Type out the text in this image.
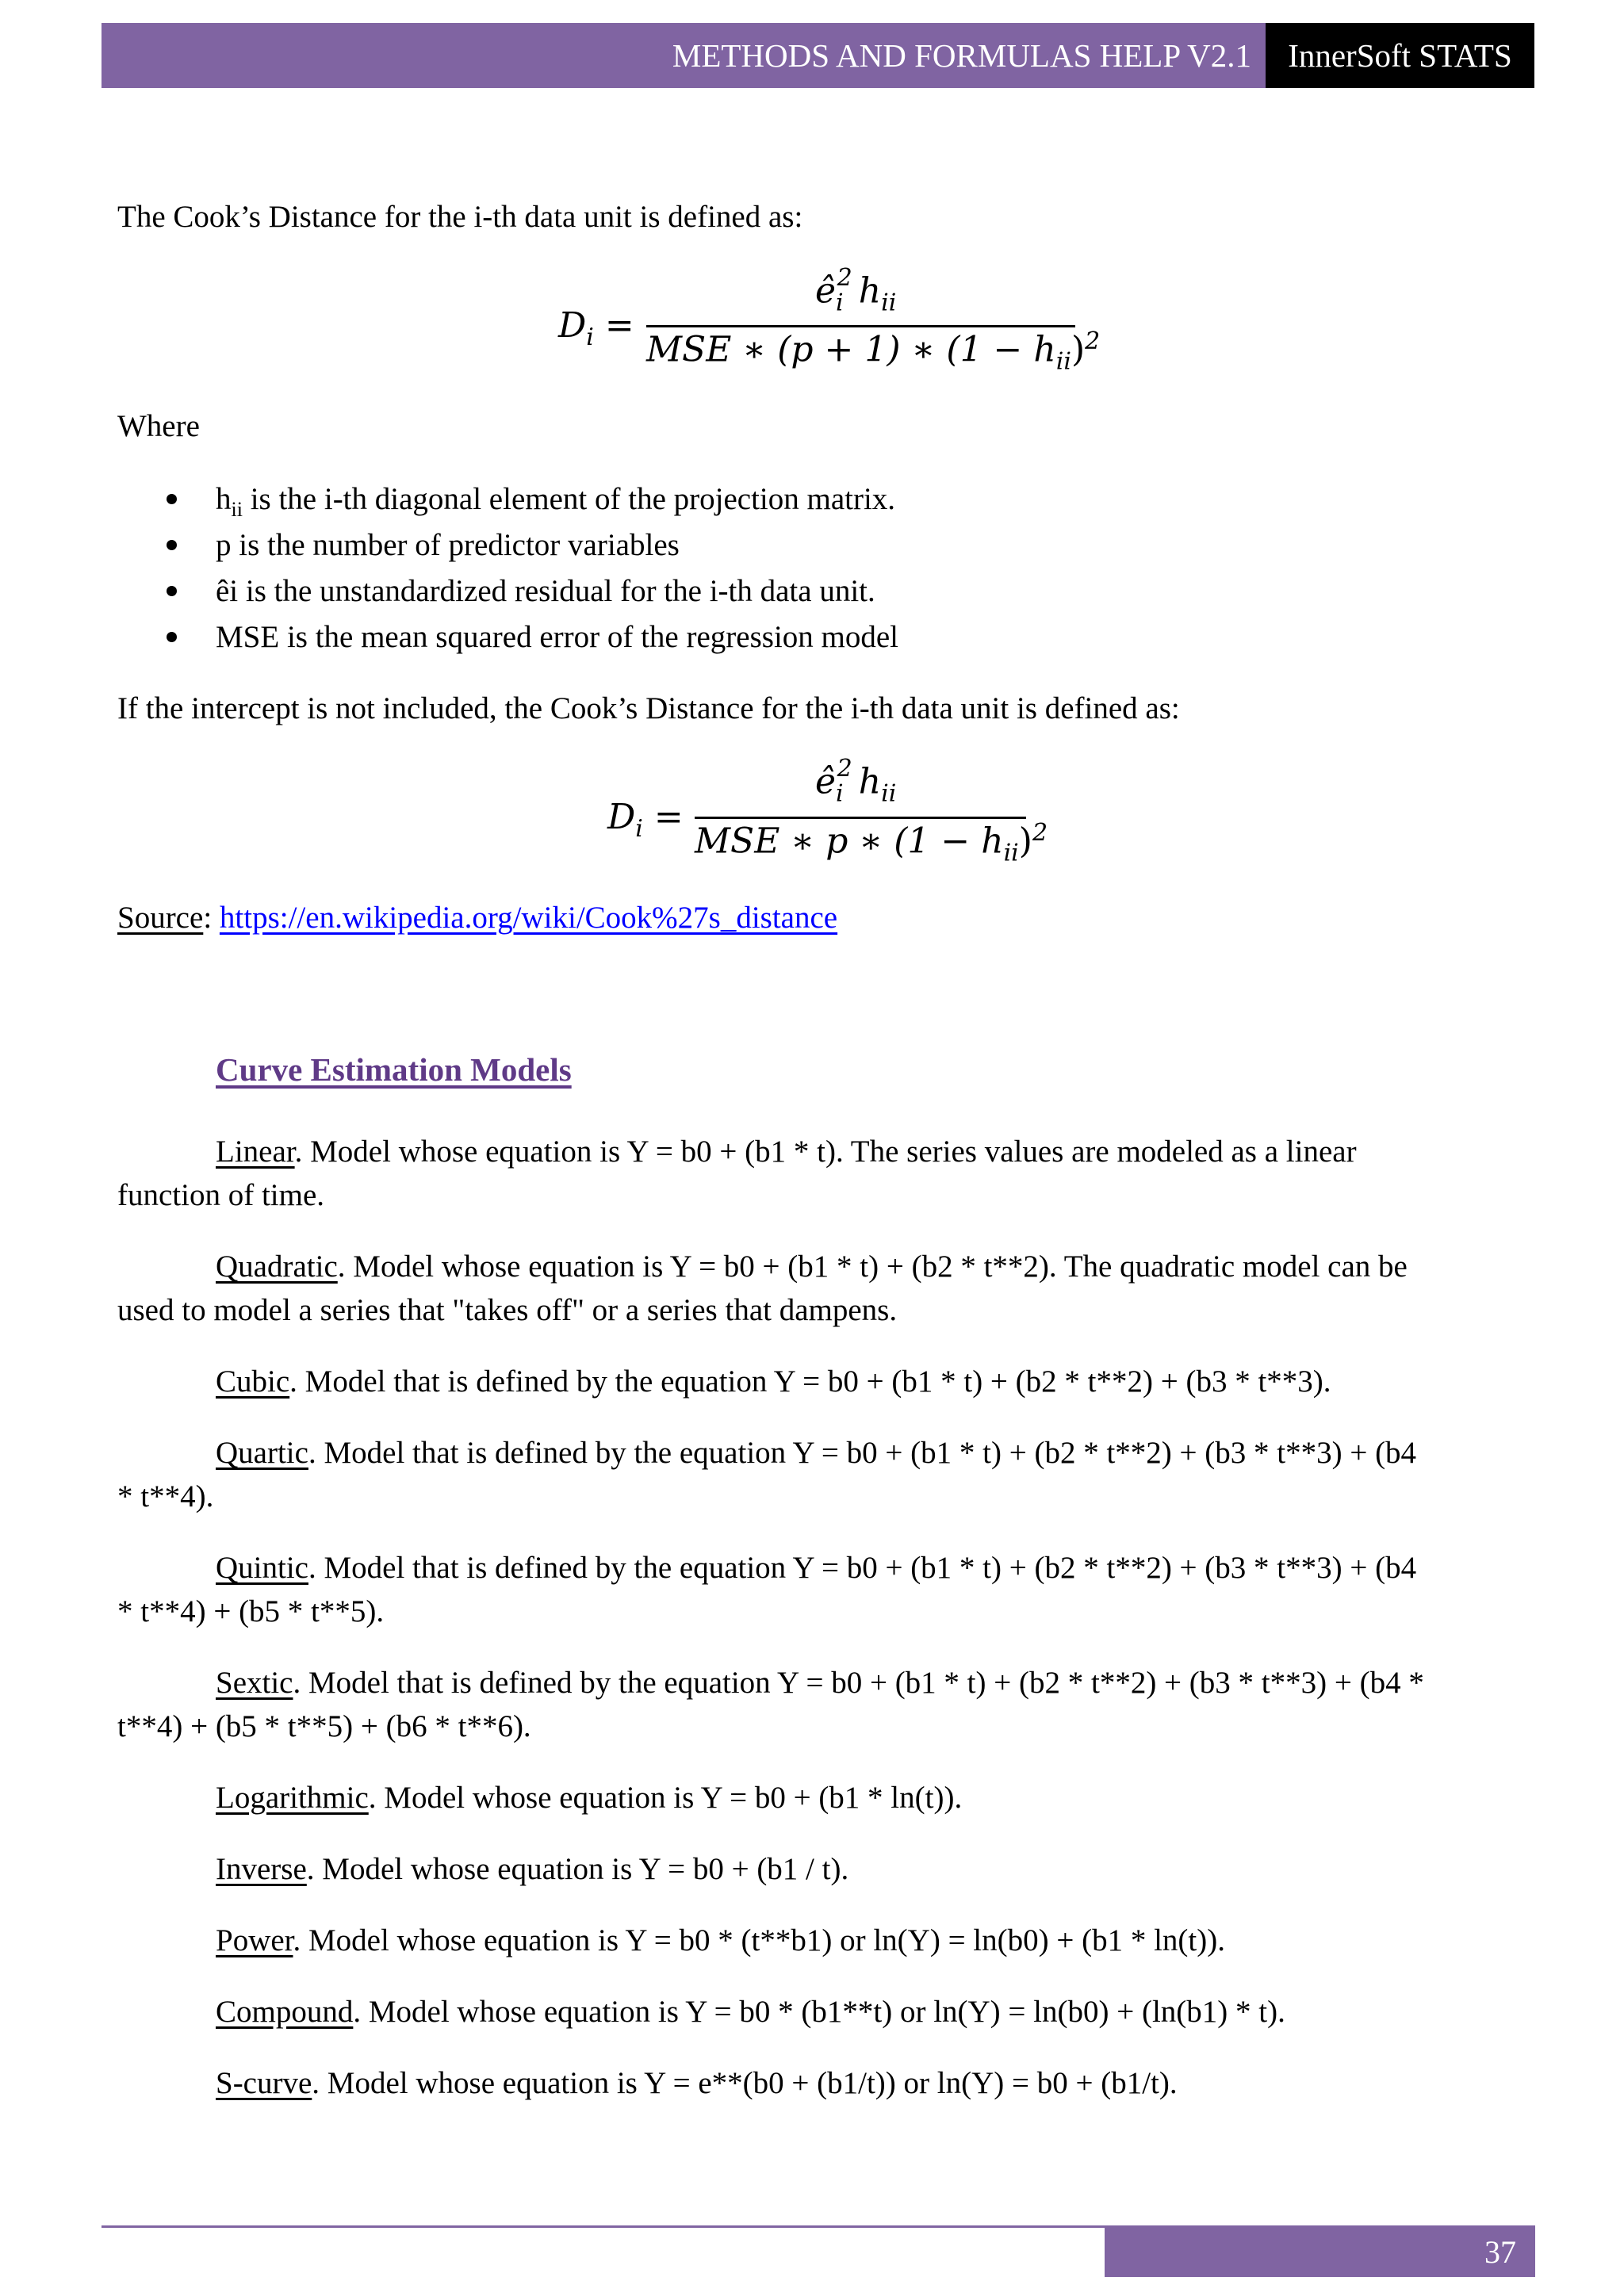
METHODS AND FORMULAS HELP V2.1	InnerSoft STATS
The Cook’s Distance for the i-th data unit is defined as:
$D_i$ =
$ê_i^2$ $h_{ii}$
MSE ∗ (p + 1) ∗ $(1 - h_{ii})^2$
Where
$h_{ii}$ is the i-th diagonal element of the projection matrix.
p is the number of predictor variables
êi is the unstandardized residual for the i-th data unit.
MSE is the mean squared error of the regression model
If the intercept is not included, the Cook’s Distance for the i-th data unit is defined as:
$D_i$ =
$ê_i^2$ $h_{ii}$
MSE ∗ p ∗ $(1 - h_{ii})^2$
Source: https://en.wikipedia.org/wiki/Cook%27s_distance
Curve Estimation Models
Linear. Model whose equation is Y = b0 + (b1 * t). The series values are modeled as a linear
function of time.
Quadratic. Model whose equation is Y = b0 + (b1 * t) + (b2 * t**2). The quadratic model can be
used to model a series that "takes off" or a series that dampens.
Cubic. Model that is defined by the equation Y = b0 + (b1 * t) + (b2 * t**2) + (b3 * t**3).
Quartic. Model that is defined by the equation Y = b0 + (b1 * t) + (b2 * t**2) + (b3 * t**3) + (b4
* t**4).
Quintic. Model that is defined by the equation Y = b0 + (b1 * t) + (b2 * t**2) + (b3 * t**3) + (b4
* t**4) + (b5 * t**5).
Sextic. Model that is defined by the equation Y = b0 + (b1 * t) + (b2 * t**2) + (b3 * t**3) + (b4 *
t**4) + (b5 * t**5) + (b6 * t**6).
Logarithmic. Model whose equation is Y = b0 + (b1 * ln(t)).
Inverse. Model whose equation is Y = b0 + (b1 / t).
Power. Model whose equation is Y = b0 * (t**b1) or ln(Y) = ln(b0) + (b1 * ln(t)).
Compound. Model whose equation is Y = b0 * (b1**t) or ln(Y) = ln(b0) + (ln(b1) * t).
S-curve. Model whose equation is Y = e**(b0 + (b1/t)) or ln(Y) = b0 + (b1/t).
37
